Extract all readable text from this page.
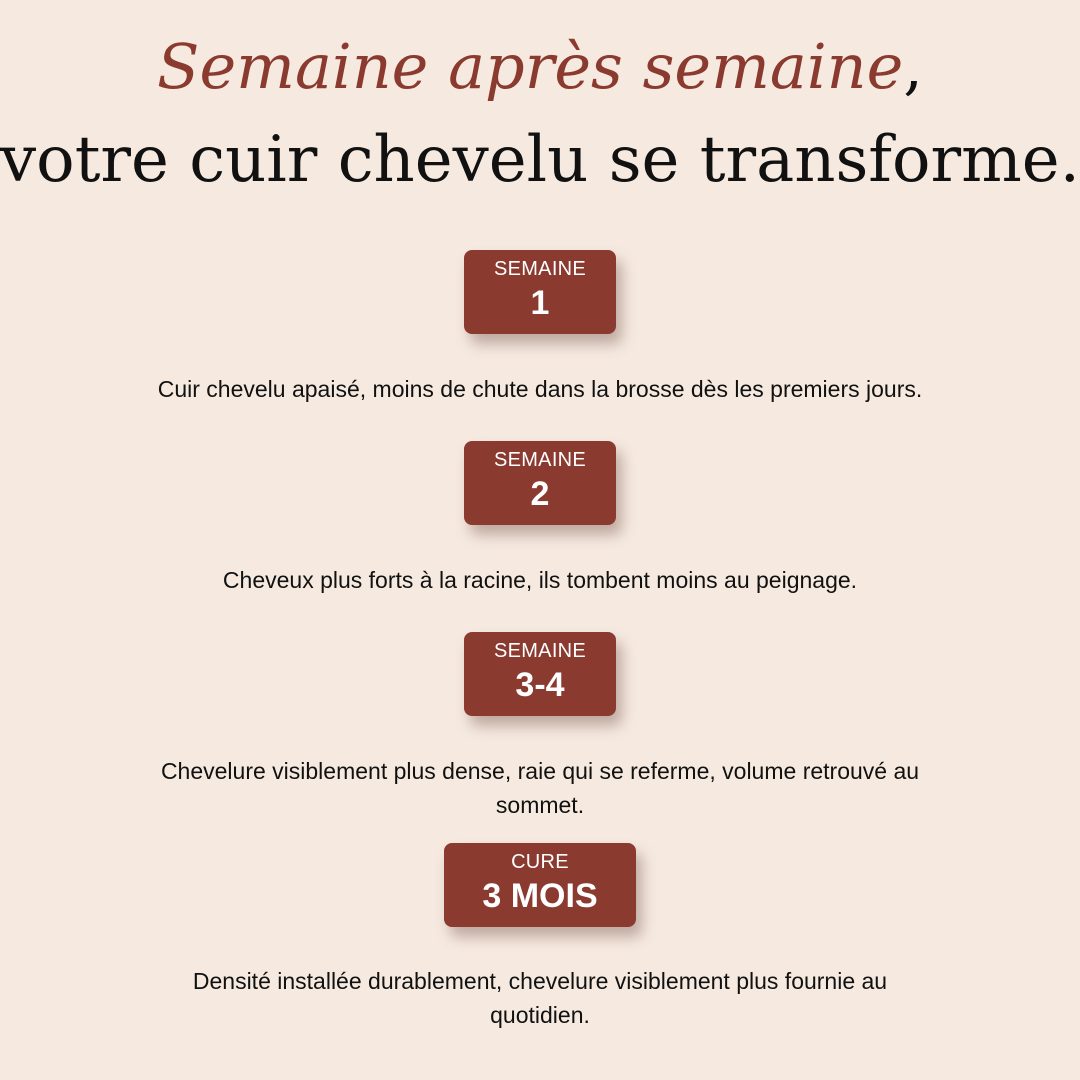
Semaine après semaine,
votre cuir chevelu se transforme.
SEMAINE
1
Cuir chevelu apaisé, moins de chute dans la brosse dès les premiers jours.
SEMAINE
2
Cheveux plus forts à la racine, ils tombent moins au peignage.
SEMAINE
3-4
Chevelure visiblement plus dense, raie qui se referme, volume retrouvé au sommet.
CURE
3 MOIS
Densité installée durablement, chevelure visiblement plus fournie au quotidien.
